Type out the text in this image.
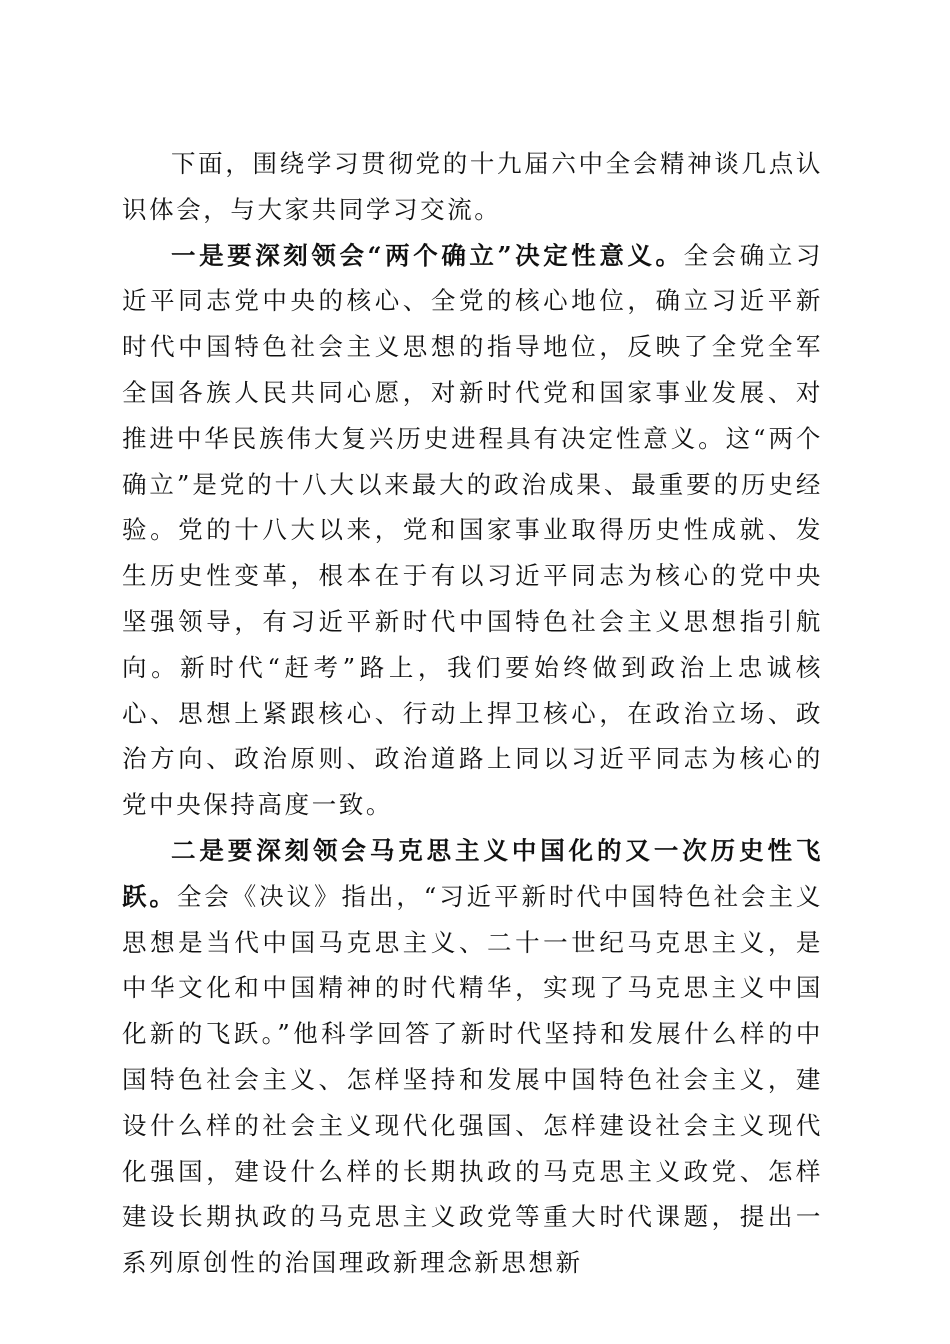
下面，围绕学习贯彻党的十九届六中全会精神谈几点认识体会，与大家共同学习交流。

一是要深刻领会“两个确立”决定性意义。全会确立习近平同志党中央的核心、全党的核心地位，确立习近平新时代中国特色社会主义思想的指导地位，反映了全党全军全国各族人民共同心愿，对新时代党和国家事业发展、对推进中华民族伟大复兴历史进程具有决定性意义。这“两个确立”是党的十八大以来最大的政治成果、最重要的历史经验。党的十八大以来，党和国家事业取得历史性成就、发生历史性变革，根本在于有以习近平同志为核心的党中央坚强领导，有习近平新时代中国特色社会主义思想指引航向。新时代“赶考”路上，我们要始终做到政治上忠诚核心、思想上紧跟核心、行动上捍卫核心，在政治立场、政治方向、政治原则、政治道路上同以习近平同志为核心的党中央保持高度一致。

二是要深刻领会马克思主义中国化的又一次历史性飞跃。全会《决议》指出，“习近平新时代中国特色社会主义思想是当代中国马克思主义、二十一世纪马克思主义，是中华文化和中国精神的时代精华，实现了马克思主义中国化新的飞跃。”他科学回答了新时代坚持和发展什么样的中国特色社会主义、怎样坚持和发展中国特色社会主义，建设什么样的社会主义现代化强国、怎样建设社会主义现代化强国，建设什么样的长期执政的马克思主义政党、怎样建设长期执政的马克思主义政党等重大时代课题，提出一系列原创性的治国理政新理念新思想新
